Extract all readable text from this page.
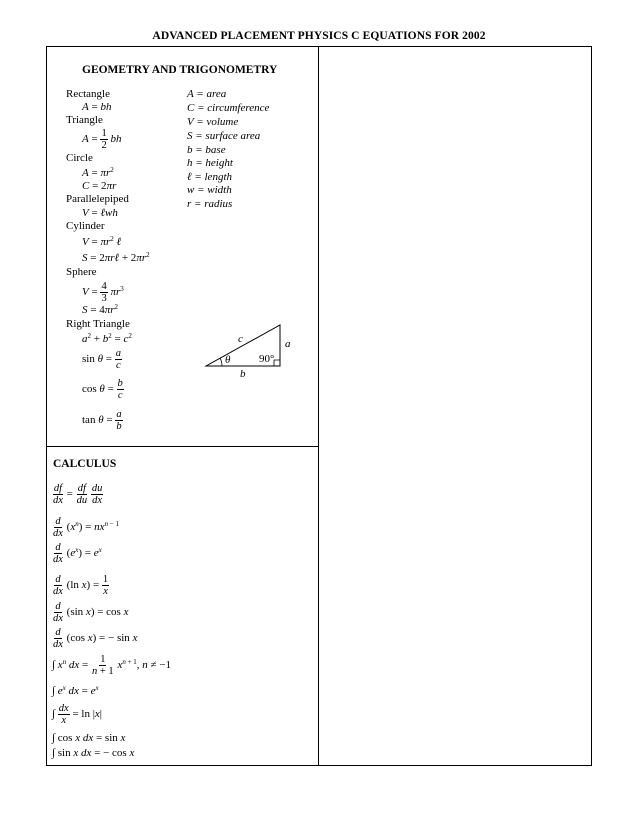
ADVANCED PLACEMENT PHYSICS C EQUATIONS FOR 2002
GEOMETRY AND TRIGONOMETRY
Rectangle
A = bh
Triangle
$A = \frac{1}{2}$ bh
Circle
$A = \pi r^2$
C = 2πr
Parallelepiped
V = ℓwh
Cylinder
$V = \pi r^2$ ℓ
S = 2πrℓ + $2\pi r^2$
Sphere
$V = \frac{4}{3} \pi r^3$
$S = 4\pi r^2$
Right Triangle
$a^2 + b^2 = c^2$
$\sin \theta = \frac{a}{c}$
$\cos \theta = \frac{b}{c}$
$\tan \theta = \frac{a}{b}$
A = area
C = circumference
V = volume
S = surface area
b = base
h = height
ℓ = length
w = width
r = radius
c	a
b
θ	90°
CALCULUS
$\frac{df}{dx} = \frac{df}{du}$
$\frac{du}{dx}$
$\frac{d}{dx} (x^n) = nx^{n - 1}$
$\frac{d}{dx} (e^x) = e^x$
$\frac{d}{dx} (\ln$ $x) = \frac{1}{x}$
$\frac{d}{dx} (\sin$ x) = cos x
$\frac{d}{dx} (\cos$ x) = − sin x
∫ $x^n$ dx = $\frac{1}{n + 1} x^{n + 1}$, n ≠ −1
∫ $e^x$ dx = $e^x$
∫ $\frac{dx}{x} = \ln |x|$
∫ cos x dx = sin x
∫ sin x dx = − cos x
